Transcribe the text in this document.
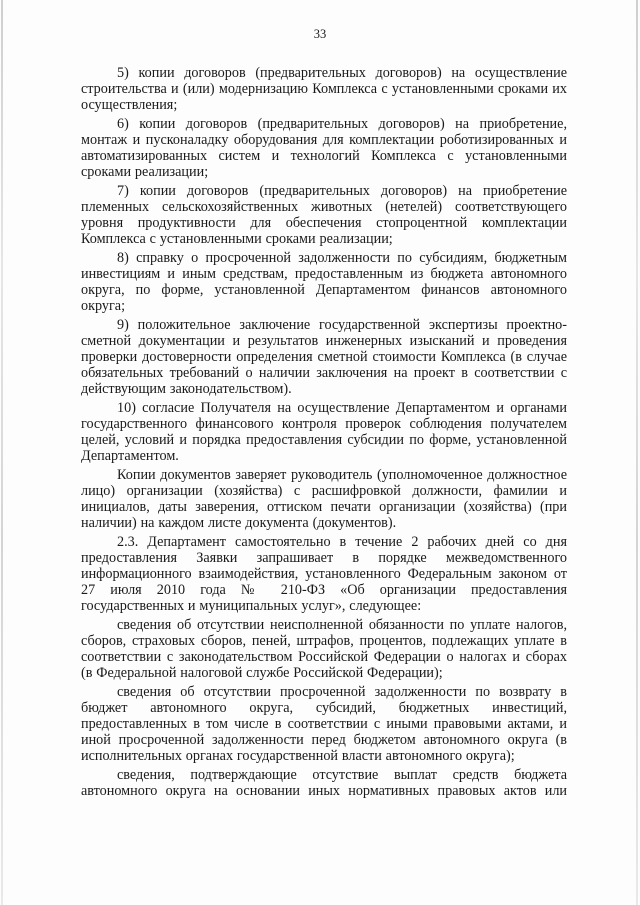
33

5) копии договоров (предварительных договоров) на осуществление строительства и (или) модернизацию Комплекса с установленными сроками их осуществления;

6) копии договоров (предварительных договоров) на приобретение, монтаж и пусконаладку оборудования для комплектации роботизированных и автоматизированных систем и технологий Комплекса с установленными сроками реализации;

7) копии договоров (предварительных договоров) на приобретение племенных сельскохозяйственных животных (нетелей) соответствующего уровня продуктивности для обеспечения стопроцентной комплектации Комплекса с установленными сроками реализации;

8) справку о просроченной задолженности по субсидиям, бюджетным инвестициям и иным средствам, предоставленным из бюджета автономного округа, по форме, установленной Департаментом финансов автономного округа;

9) положительное заключение государственной экспертизы проектно-сметной документации и результатов инженерных изысканий и проведения проверки достоверности определения сметной стоимости Комплекса (в случае обязательных требований о наличии заключения на проект в соответствии с действующим законодательством).

10) согласие Получателя на осуществление Департаментом и органами государственного финансового контроля проверок соблюдения получателем целей, условий и порядка предоставления субсидии по форме, установленной Департаментом.

Копии документов заверяет руководитель (уполномоченное должностное лицо) организации (хозяйства) с расшифровкой должности, фамилии и инициалов, даты заверения, оттиском печати организации (хозяйства) (при наличии) на каждом листе документа (документов).

2.3. Департамент самостоятельно в течение 2 рабочих дней со дня предоставления Заявки запрашивает в порядке межведомственного информационного взаимодействия, установленного Федеральным законом от 27 июля 2010 года № 210-ФЗ «Об организации предоставления государственных и муниципальных услуг», следующее:

сведения об отсутствии неисполненной обязанности по уплате налогов, сборов, страховых сборов, пеней, штрафов, процентов, подлежащих уплате в соответствии с законодательством Российской Федерации о налогах и сборах (в Федеральной налоговой службе Российской Федерации);

сведения об отсутствии просроченной задолженности по возврату в бюджет автономного округа, субсидий, бюджетных инвестиций, предоставленных в том числе в соответствии с иными правовыми актами, и иной просроченной задолженности перед бюджетом автономного округа (в исполнительных органах государственной власти автономного округа);

сведения, подтверждающие отсутствие выплат средств бюджета автономного округа на основании иных нормативных правовых актов или
